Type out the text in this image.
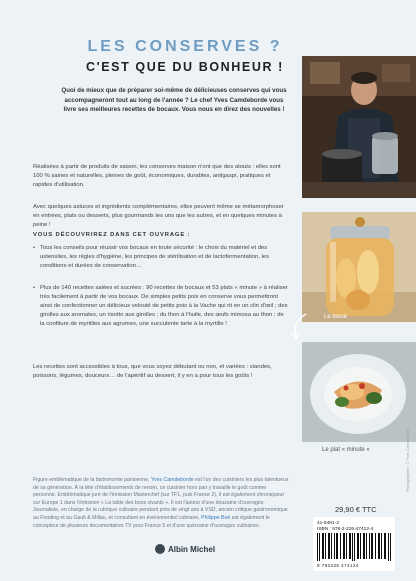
LES CONSERVES ?
C'EST QUE DU BONHEUR !
Quoi de mieux que de préparer soi-même de délicieuses conserves qui vous accompagneront tout au long de l'année ? Le chef Yves Camdeborde vous livre ses meilleures recettes de bocaux. Vous nous en direz des nouvelles !
Réalisées à partir de produits de saison, les conserves maison n'ont que des atouts : elles sont 100 % saines et naturelles, pleines de goût, économiques, durables, antigaspi, pratiques et rapides d'utilisation.
Avec quelques astuces et ingrédients complémentaires, elles peuvent même se métamorphoser en entrées, plats ou desserts, plus gourmands les uns que les autres, et en quelques minutes à peine !
VOUS DÉCOUVRIREZ DANS CET OUVRAGE :
• Tous les conseils pour réussir vos bocaux en toute sécurité : le choix du matériel et des ustensiles, les règles d'hygiène, les principes de stérilisation et de lactofermentation, les conditions et durées de conservation…
• Plus de 140 recettes salées et sucrées : 90 recettes de bocaux et 53 plats « minute » à réaliser très facilement à partir de vos bocaux. De simples petits pois en conserve vous permettront ainsi de confectionner un délicieux velouté de petits pois à la Vache qui rit en un clin d'œil ; des girolles aux aromates, un risotto aux girolles ; du thon à l'huile, des œufs mimosa au thon ; de la confiture de myrtilles aux agrumes, une succulente tarte à la myrtille !
Les recettes sont accessibles à tous, que vous soyez débutant ou non, et variées : viandes, poissons, légumes, douceurs… de l'apéritif au dessert, il y en a pour tous les goûts !
Figure emblématique de la bistronomie parisienne, Yves Camdeborde est l'un des cuisiniers les plus talentueux de sa génération. À la tête d'établissements de renom, ce cuisinier hors pair y travaille le goût comme personne. Emblématique juré de l'émission Masterchef (sur TF1, puis France 2), il est également chroniqueur sur Europe 1 dans l'émission « La table des bons vivants ». Il est l'auteur d'une douzaine d'ouvrages.
Journaliste, en charge de la rubrique culinaire pendant près de vingt ans à VSD, ancien critique gastronomique au Fooding et au Gault & Millau, et consultant en événementiel culinaire, Philippe Boé est également le concepteur de plusieurs documentaires TV pour France 5 et d'une quinzaine d'ouvrages culinaires.
Le bocal
Le plat « minute »
29,90 € TTC
41-6481-3
ISBN : 978-2-226-47412-4
9 782226 474124
Photographies : © Yves Camdeborde
Albin Michel
